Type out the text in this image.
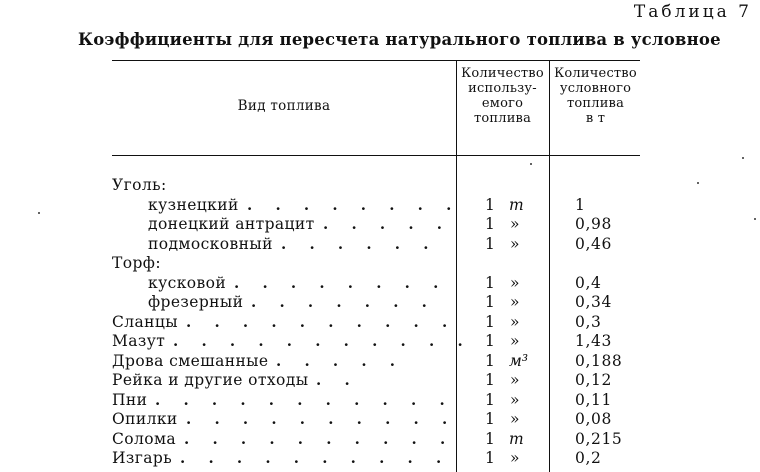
Таблица 7
Коэффициенты для пересчета натурального топлива в условное
Вид топлива
Количество
использу-
емого
топлива
Количество
условного
топлива
в т
Уголь:
кузнецкий . . . . . . . . 1 т	1
донецкий антрацит . . . . . 1 »	0,98
подмосковный . . . . . .	1 »	0,46
Торф:
кусковой . . . . . . . . 1 »	0,4
фрезерный . . . . . . .	1 »	0,34
Сланцы . . . . . . . . . . 1 »	0,3
Мазут . . . . . . . . . . . 1 »	1,43
Дрова смешанные . . . . .	1 м³	0,188
Рейка и другие отходы . .	1 »	0,12
Пни . . . . . . . . . . . 1 »	0,11
Опилки . . . . . . . . . . 1 »	0,08
Солома . . . . . . . . . . 1 т	0,215
Изгарь . . . . . . . . . . 1 »	0,2
